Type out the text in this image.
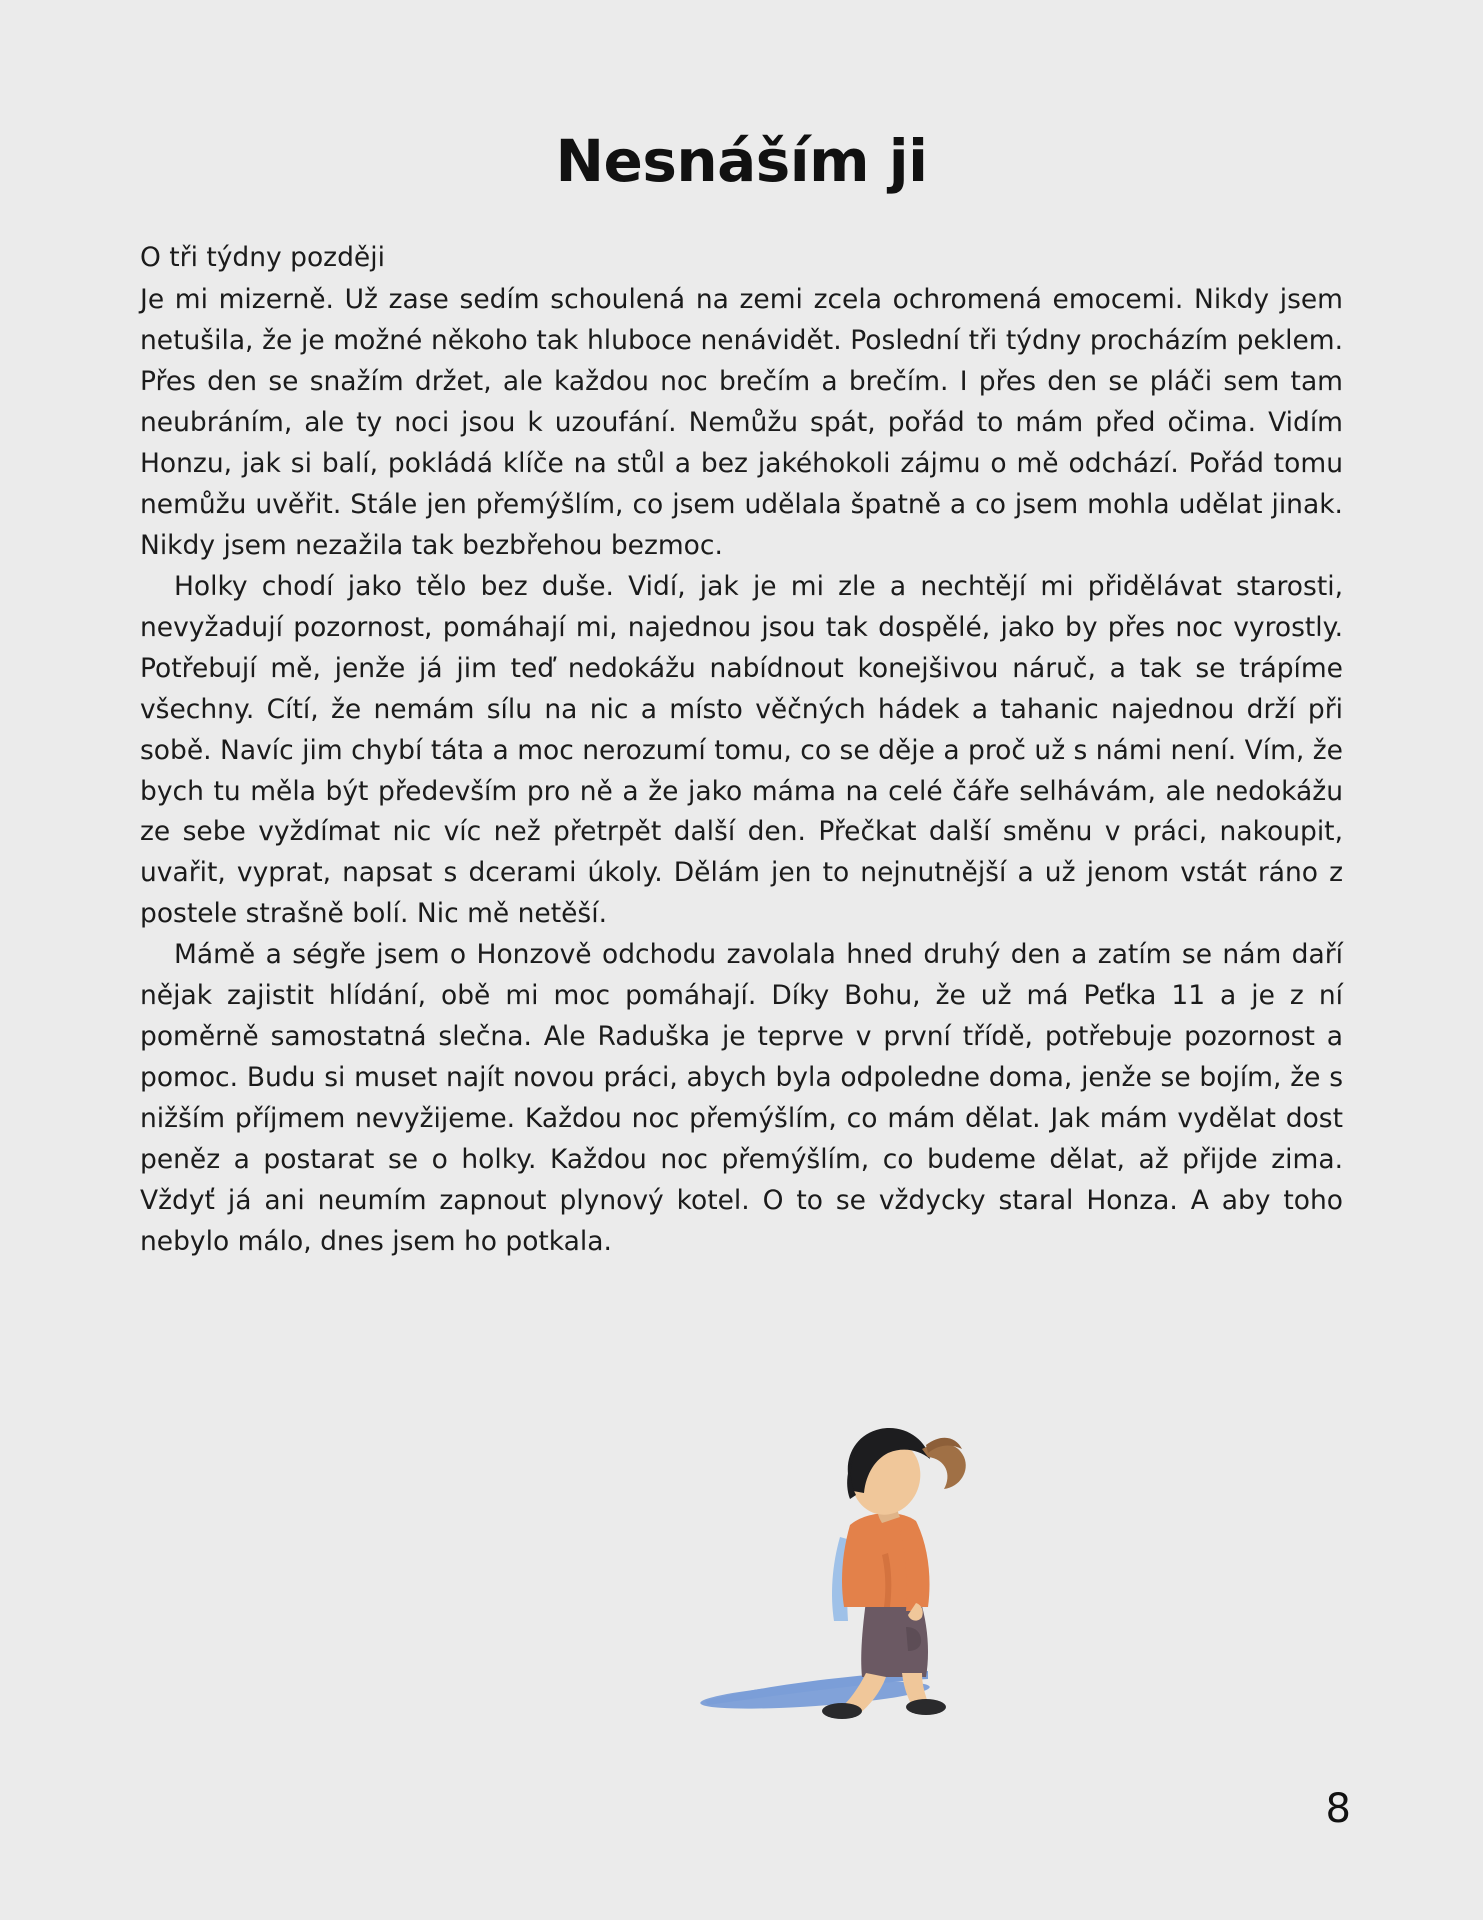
Nesnáším ji
O tři týdny později

Je mi mizerně. Už zase sedím schoulená na zemi zcela ochromená emocemi. Nikdy jsem netušila, že je možné někoho tak hluboce nenávidět. Poslední tři týdny procházím peklem. Přes den se snažím držet, ale každou noc brečím a brečím. I přes den se pláči sem tam neubráním, ale ty noci jsou k uzoufání. Nemůžu spát, pořád to mám před očima. Vidím Honzu, jak si balí, pokládá klíče na stůl a bez jakéhokoli zájmu o mě odchází. Pořád tomu nemůžu uvěřit. Stále jen přemýšlím, co jsem udělala špatně a co jsem mohla udělat jinak. Nikdy jsem nezažila tak bezbřehou bezmoc.

Holky chodí jako tělo bez duše. Vidí, jak je mi zle a nechtějí mi přidělávat starosti, nevyžadují pozornost, pomáhají mi, najednou jsou tak dospělé, jako by přes noc vyrostly. Potřebují mě, jenže já jim teď nedokážu nabídnout konejšivou náruč, a tak se trápíme všechny. Cítí, že nemám sílu na nic a místo věčných hádek a tahanic najednou drží při sobě. Navíc jim chybí táta a moc nerozumí tomu, co se děje a proč už s námi není. Vím, že bych tu měla být především pro ně a že jako máma na celé čáře selhávám, ale nedokážu ze sebe vyždímat nic víc než přetrpět další den. Přečkat další směnu v práci, nakoupit, uvařit, vyprat, napsat s dcerami úkoly. Dělám jen to nejnutnější a už jenom vstát ráno z postele strašně bolí. Nic mě netěší.

Mámě a ségře jsem o Honzově odchodu zavolala hned druhý den a zatím se nám daří nějak zajistit hlídání, obě mi moc pomáhají. Díky Bohu, že už má Peťka 11 a je z ní poměrně samostatná slečna. Ale Raduška je teprve v první třídě, potřebuje pozornost a pomoc. Budu si muset najít novou práci, abych byla odpoledne doma, jenže se bojím, že s nižším příjmem nevyžijeme. Každou noc přemýšlím, co mám dělat. Jak mám vydělat dost peněz a postarat se o holky. Každou noc přemýšlím, co budeme dělat, až přijde zima. Vždyť já ani neumím zapnout plynový kotel. O to se vždycky staral Honza. A aby toho nebylo málo, dnes jsem ho potkala.

8
